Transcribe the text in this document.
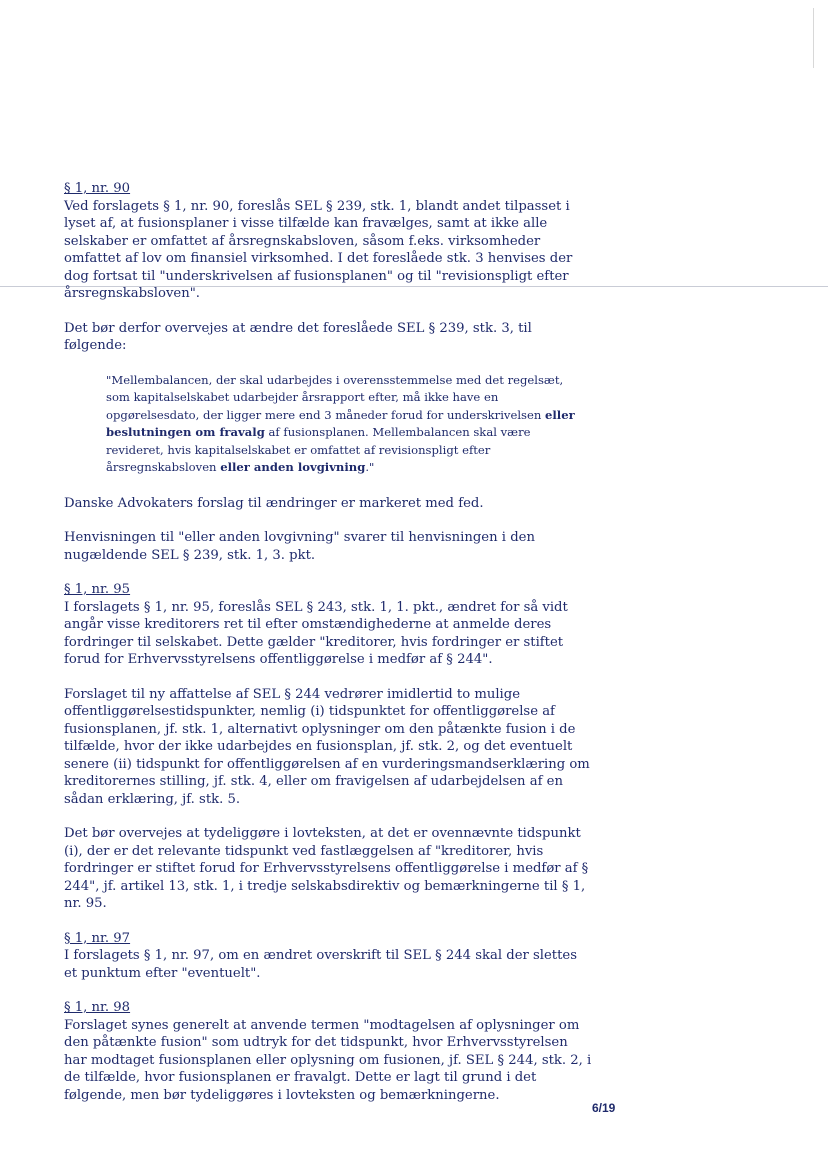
§ 1, nr. 90

Ved forslagets § 1, nr. 90, foreslås SEL § 239, stk. 1, blandt andet tilpasset i lyset af, at fusionsplaner i visse tilfælde kan fravælges, samt at ikke alle selskaber er omfattet af årsregnskabsloven, såsom f.eks. virksomheder omfattet af lov om finansiel virksomhed. I det foreslåede stk. 3 henvises der dog fortsat til "underskrivelsen af fusionsplanen" og til "revisionspligt efter årsregnskabsloven".

Det bør derfor overvejes at ændre det foreslåede SEL § 239, stk. 3, til følgende:

"Mellembalancen, der skal udarbejdes i overensstemmelse med det regelsæt, som kapitalselskabet udarbejder årsrapport efter, må ikke have en opgørelsesdato, der ligger mere end 3 måneder forud for underskrivelsen eller beslutningen om fravalg af fusionsplanen. Mellembalancen skal være revideret, hvis kapitalselskabet er omfattet af revisionspligt efter årsregnskabsloven eller anden lovgivning."

Danske Advokaters forslag til ændringer er markeret med fed.

Henvisningen til "eller anden lovgivning" svarer til henvisningen i den nugældende SEL § 239, stk. 1, 3. pkt.

§ 1, nr. 95

I forslagets § 1, nr. 95, foreslås SEL § 243, stk. 1, 1. pkt., ændret for så vidt angår visse kreditorers ret til efter omstændighederne at anmelde deres fordringer til selskabet. Dette gælder "kreditorer, hvis fordringer er stiftet forud for Erhvervsstyrelsens offentliggørelse i medfør af § 244".

Forslaget til ny affattelse af SEL § 244 vedrører imidlertid to mulige offentliggørelsestidspunkter, nemlig (i) tidspunktet for offentliggørelse af fusionsplanen, jf. stk. 1, alternativt oplysninger om den påtænkte fusion i de tilfælde, hvor der ikke udarbejdes en fusionsplan, jf. stk. 2, og det eventuelt senere (ii) tidspunkt for offentliggørelsen af en vurderingsmandserklæring om kreditorernes stilling, jf. stk. 4, eller om fravigelsen af udarbejdelsen af en sådan erklæring, jf. stk. 5.

Det bør overvejes at tydeliggøre i lovteksten, at det er ovennævnte tidspunkt (i), der er det relevante tidspunkt ved fastlæggelsen af "kreditorer, hvis fordringer er stiftet forud for Erhvervsstyrelsens offentliggørelse i medfør af § 244", jf. artikel 13, stk. 1, i tredje selskabsdirektiv og bemærkningerne til § 1, nr. 95.

§ 1, nr. 97

I forslagets § 1, nr. 97, om en ændret overskrift til SEL § 244 skal der slettes et punktum efter "eventuelt".

§ 1, nr. 98

Forslaget synes generelt at anvende termen "modtagelsen af oplysninger om den påtænkte fusion" som udtryk for det tidspunkt, hvor Erhvervsstyrelsen har modtaget fusionsplanen eller oplysning om fusionen, jf. SEL § 244, stk. 2, i de tilfælde, hvor fusionsplanen er fravalgt. Dette er lagt til grund i det følgende, men bør tydeliggøres i lovteksten og bemærkningerne.

6/19
